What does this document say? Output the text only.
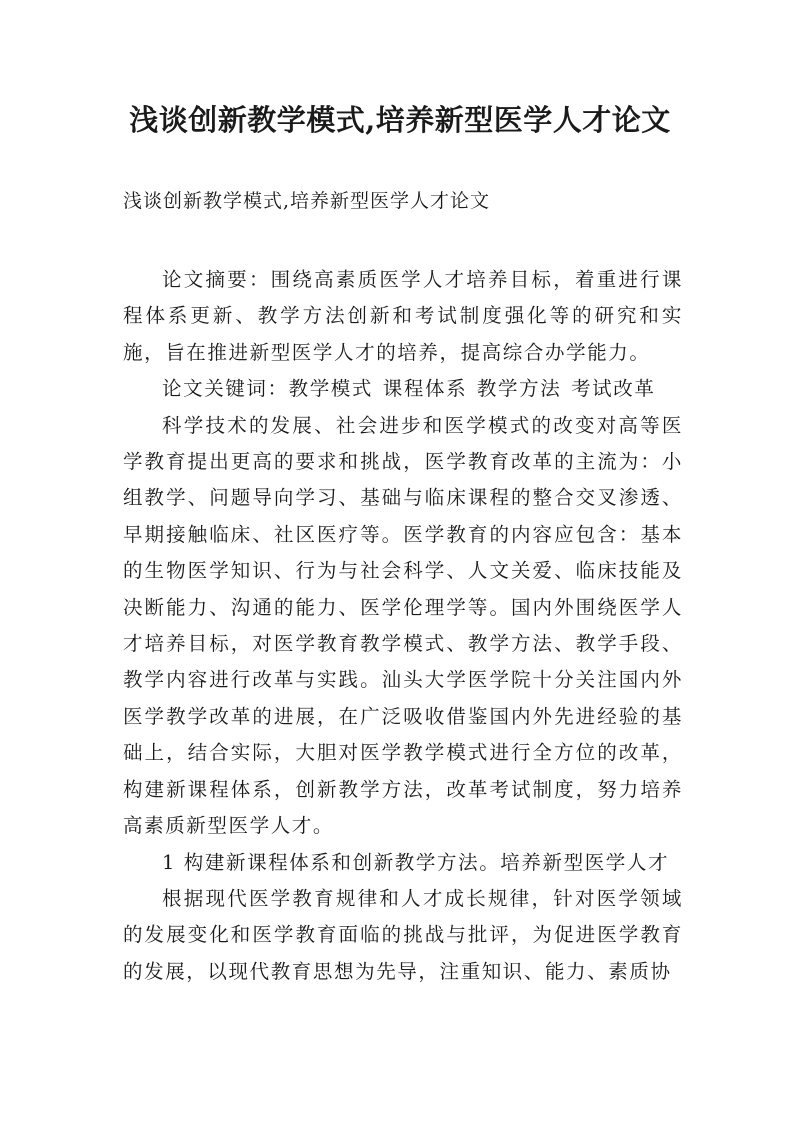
浅谈创新教学模式,培养新型医学人才论文
浅谈创新教学模式,培养新型医学人才论文

论文摘要：围绕高素质医学人才培养目标，着重进行课程体系更新、教学方法创新和考试制度强化等的研究和实施，旨在推进新型医学人才的培养，提高综合办学能力。

论文关键词：教学模式 课程体系 教学方法 考试改革

科学技术的发展、社会进步和医学模式的改变对高等医学教育提出更高的要求和挑战，医学教育改革的主流为：小组教学、问题导向学习、基础与临床课程的整合交叉渗透、早期接触临床、社区医疗等。医学教育的内容应包含：基本的生物医学知识、行为与社会科学、人文关爱、临床技能及决断能力、沟通的能力、医学伦理学等。国内外围绕医学人才培养目标，对医学教育教学模式、教学方法、教学手段、教学内容进行改革与实践。汕头大学医学院十分关注国内外医学教学改革的进展，在广泛吸收借鉴国内外先进经验的基础上，结合实际，大胆对医学教学模式进行全方位的改革，构建新课程体系，创新教学方法，改革考试制度，努力培养高素质新型医学人才。

1 构建新课程体系和创新教学方法。培养新型医学人才

根据现代医学教育规律和人才成长规律，针对医学领域的发展变化和医学教育面临的挑战与批评，为促进医学教育的发展，以现代教育思想为先导，注重知识、能力、素质协
